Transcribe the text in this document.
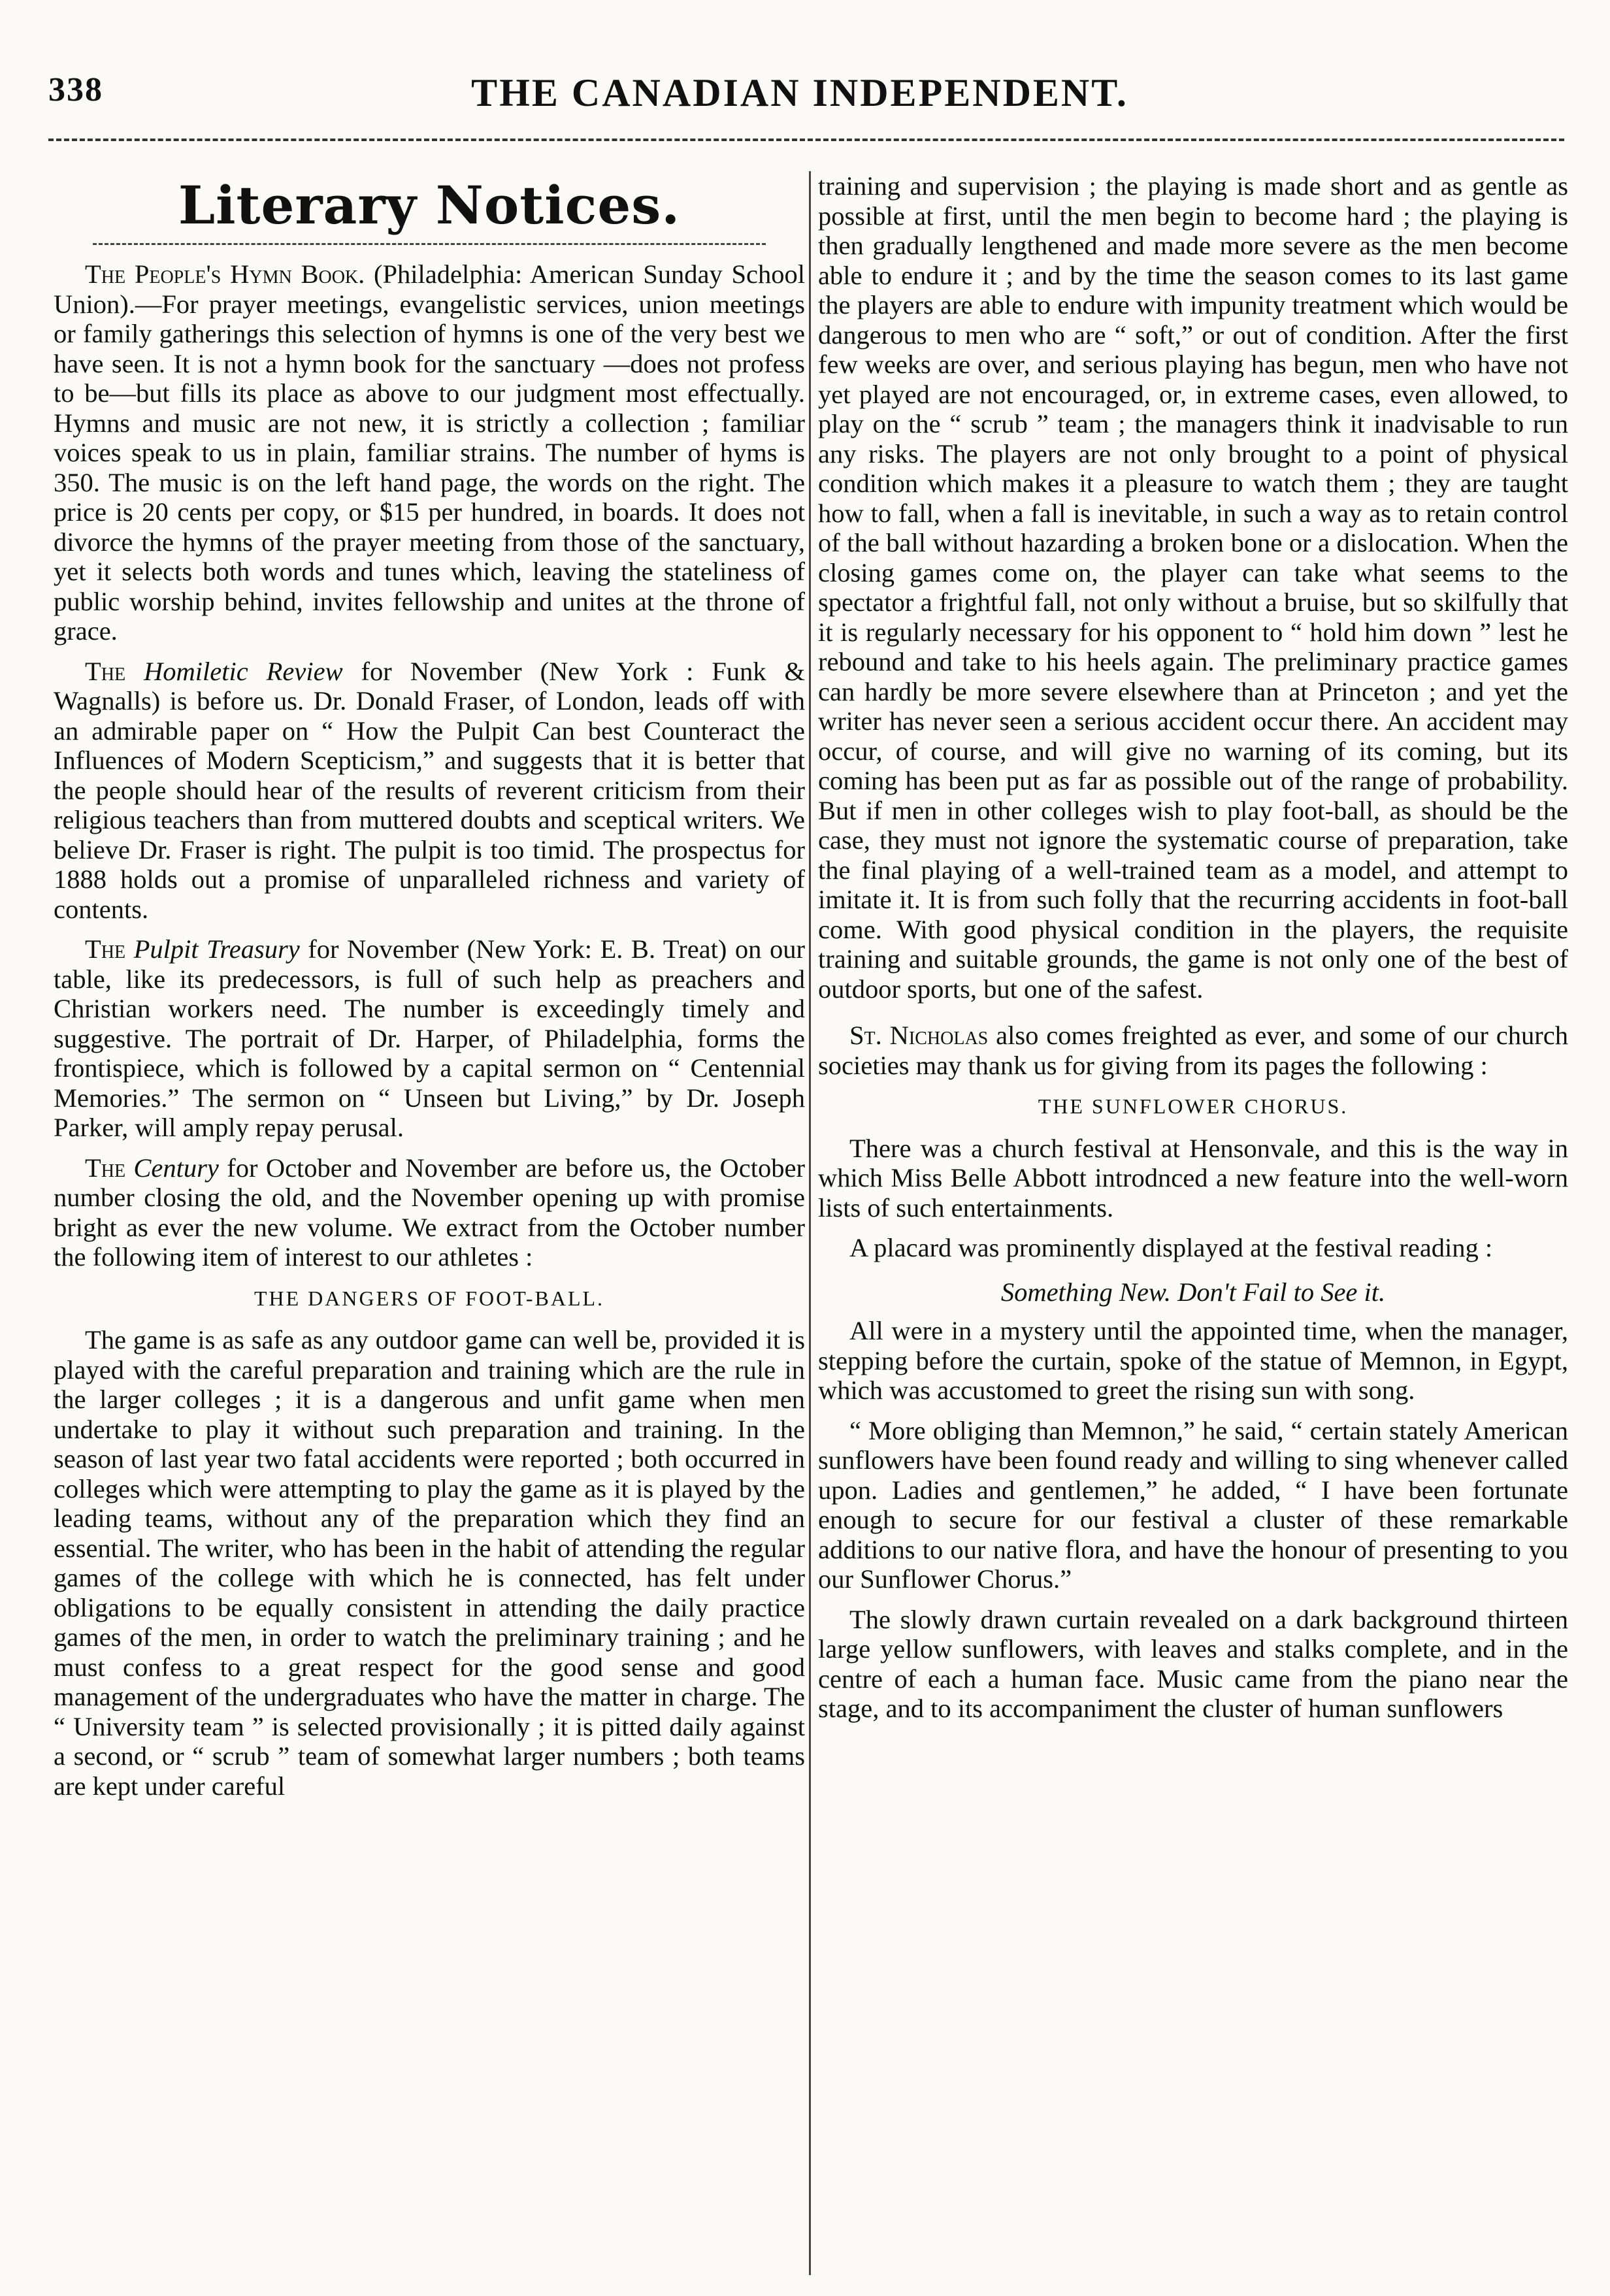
338	THE CANADIAN INDEPENDENT.
Literary Notices.

The People's Hymn Book. (Philadelphia: American Sunday School Union).—For prayer meetings, evangelistic services, union meetings or family gatherings this selection of hymns is one of the very best we have seen. It is not a hymn book for the sanctuary —does not profess to be—but fills its place as above to our judgment most effectually. Hymns and music are not new, it is strictly a collection ; familiar voices speak to us in plain, familiar strains. The number of hyms is 350. The music is on the left hand page, the words on the right. The price is 20 cents per copy, or $15 per hundred, in boards. It does not divorce the hymns of the prayer meeting from those of the sanctuary, yet it selects both words and tunes which, leaving the stateliness of public worship behind, invites fellowship and unites at the throne of grace.

The Homiletic Review for November (New York : Funk & Wagnalls) is before us. Dr. Donald Fraser, of London, leads off with an admirable paper on “ How the Pulpit Can best Counteract the Influences of Modern Scepticism,” and suggests that it is better that the people should hear of the results of reverent criticism from their religious teachers than from muttered doubts and sceptical writers. We believe Dr. Fraser is right. The pulpit is too timid. The prospectus for 1888 holds out a promise of unparalleled richness and variety of contents.

The Pulpit Treasury for November (New York: E. B. Treat) on our table, like its predecessors, is full of such help as preachers and Christian workers need. The number is exceedingly timely and suggestive. The portrait of Dr. Harper, of Philadelphia, forms the frontispiece, which is followed by a capital sermon on “ Centennial Memories.” The sermon on “ Unseen but Living,” by Dr. Joseph Parker, will amply repay perusal.

The Century for October and November are before us, the October number closing the old, and the November opening up with promise bright as ever the new volume. We extract from the October number the following item of interest to our athletes :

THE DANGERS OF FOOT-BALL.

The game is as safe as any outdoor game can well be, provided it is played with the careful preparation and training which are the rule in the larger colleges ; it is a dangerous and unfit game when men undertake to play it without such preparation and training. In the season of last year two fatal accidents were reported ; both occurred in colleges which were attempting to play the game as it is played by the leading teams, without any of the preparation which they find an essential. The writer, who has been in the habit of attending the regular games of the college with which he is connected, has felt under obligations to be equally consistent in attending the daily practice games of the men, in order to watch the preliminary training ; and he must confess to a great respect for the good sense and good management of the undergraduates who have the matter in charge. The “ University team ” is selected provisionally ; it is pitted daily against a second, or “ scrub ” team of somewhat larger numbers ; both teams are kept under careful

training and supervision ; the playing is made short and as gentle as possible at first, until the men begin to become hard ; the playing is then gradually lengthened and made more severe as the men become able to endure it ; and by the time the season comes to its last game the players are able to endure with impunity treatment which would be dangerous to men who are “ soft,” or out of condition. After the first few weeks are over, and serious playing has begun, men who have not yet played are not encouraged, or, in extreme cases, even allowed, to play on the “ scrub ” team ; the managers think it inadvisable to run any risks. The players are not only brought to a point of physical condition which makes it a pleasure to watch them ; they are taught how to fall, when a fall is inevitable, in such a way as to retain control of the ball without hazarding a broken bone or a dislocation. When the closing games come on, the player can take what seems to the spectator a frightful fall, not only without a bruise, but so skilfully that it is regularly necessary for his opponent to “ hold him down ” lest he rebound and take to his heels again. The preliminary practice games can hardly be more severe elsewhere than at Princeton ; and yet the writer has never seen a serious accident occur there. An accident may occur, of course, and will give no warning of its coming, but its coming has been put as far as possible out of the range of probability. But if men in other colleges wish to play foot-ball, as should be the case, they must not ignore the systematic course of preparation, take the final playing of a well-trained team as a model, and attempt to imitate it. It is from such folly that the recurring accidents in foot-ball come. With good physical condition in the players, the requisite training and suitable grounds, the game is not only one of the best of outdoor sports, but one of the safest.

St. Nicholas also comes freighted as ever, and some of our church societies may thank us for giving from its pages the following :

THE SUNFLOWER CHORUS.

There was a church festival at Hensonvale, and this is the way in which Miss Belle Abbott introdnced a new feature into the well-worn lists of such entertainments.

A placard was prominently displayed at the festival reading :

Something New. Don't Fail to See it.

All were in a mystery until the appointed time, when the manager, stepping before the curtain, spoke of the statue of Memnon, in Egypt, which was accustomed to greet the rising sun with song.

“ More obliging than Memnon,” he said, “ certain stately American sunflowers have been found ready and willing to sing whenever called upon. Ladies and gentlemen,” he added, “ I have been fortunate enough to secure for our festival a cluster of these remarkable additions to our native flora, and have the honour of presenting to you our Sunflower Chorus.”

The slowly drawn curtain revealed on a dark background thirteen large yellow sunflowers, with leaves and stalks complete, and in the centre of each a human face. Music came from the piano near the stage, and to its accompaniment the cluster of human sunflowers
